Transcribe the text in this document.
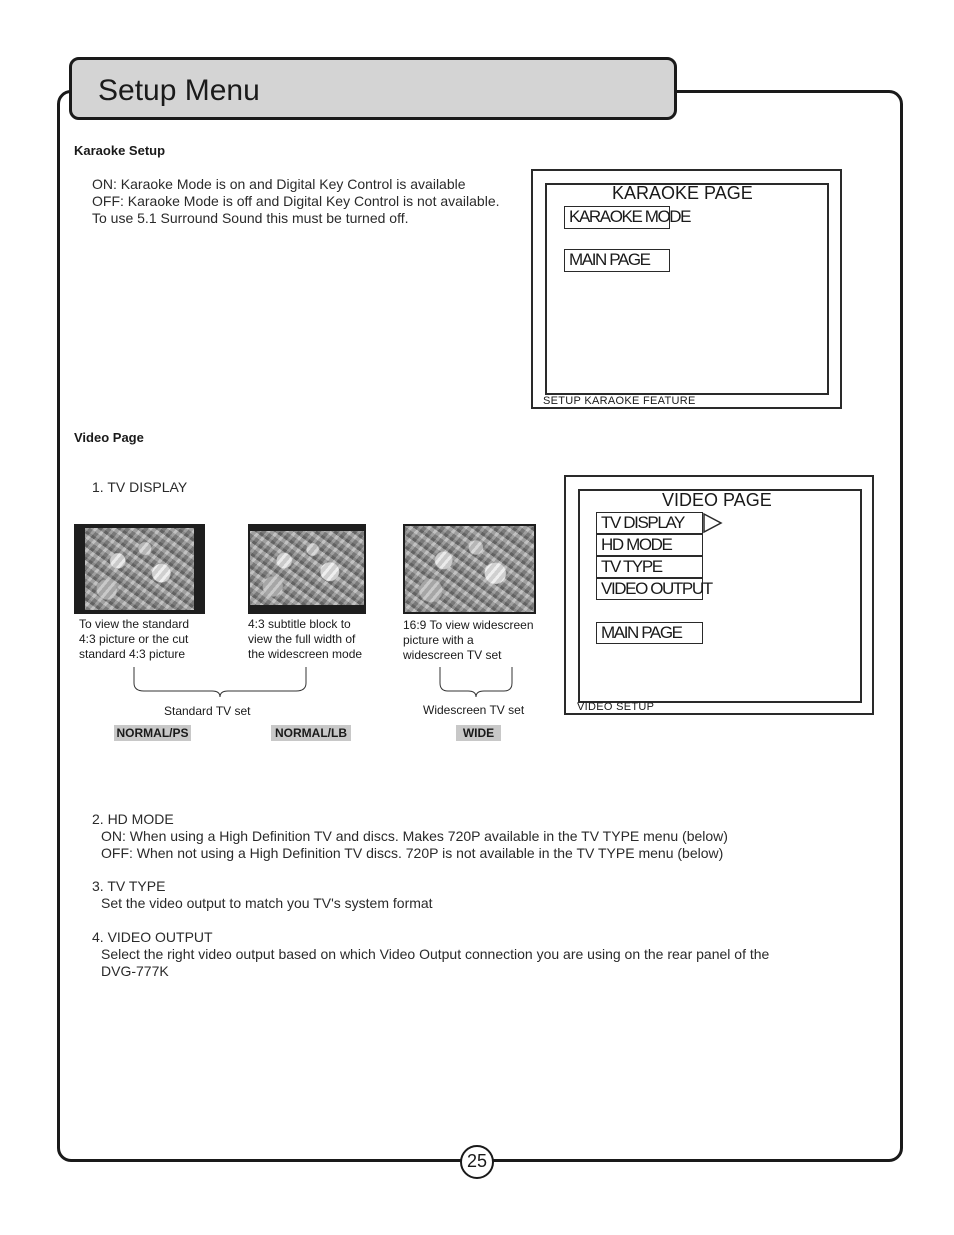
Setup Menu
Karaoke Setup
ON: Karaoke Mode is on and Digital Key Control is available
OFF: Karaoke Mode is off and Digital Key Control is not available.
To use 5.1 Surround Sound this must be turned off.
KARAOKE PAGE
KARAOKE MODE
MAIN PAGE
SETUP KARAOKE FEATURE
Video Page
1. TV DISPLAY
To view the standard
4:3 picture or the cut
standard 4:3 picture
4:3 subtitle block to
view the full width of
the widescreen mode
16:9 To view widescreen
picture with a
widescreen TV set
Standard TV set	Widescreen TV set
NORMAL/PS	NORMAL/LB	WIDE
VIDEO PAGE
TV DISPLAY
HD MODE
TV TYPE
VIDEO OUTPUT
MAIN PAGE
VIDEO SETUP
2. HD MODE
ON: When using a High Definition TV and discs. Makes 720P available in the TV TYPE menu (below)
OFF: When not using a High Definition TV discs. 720P is not available in the TV TYPE menu (below)
3. TV TYPE
Set the video output to match you TV's system format
4. VIDEO OUTPUT
Select the right video output based on which Video Output connection you are using on the rear panel of the
DVG-777K
25
